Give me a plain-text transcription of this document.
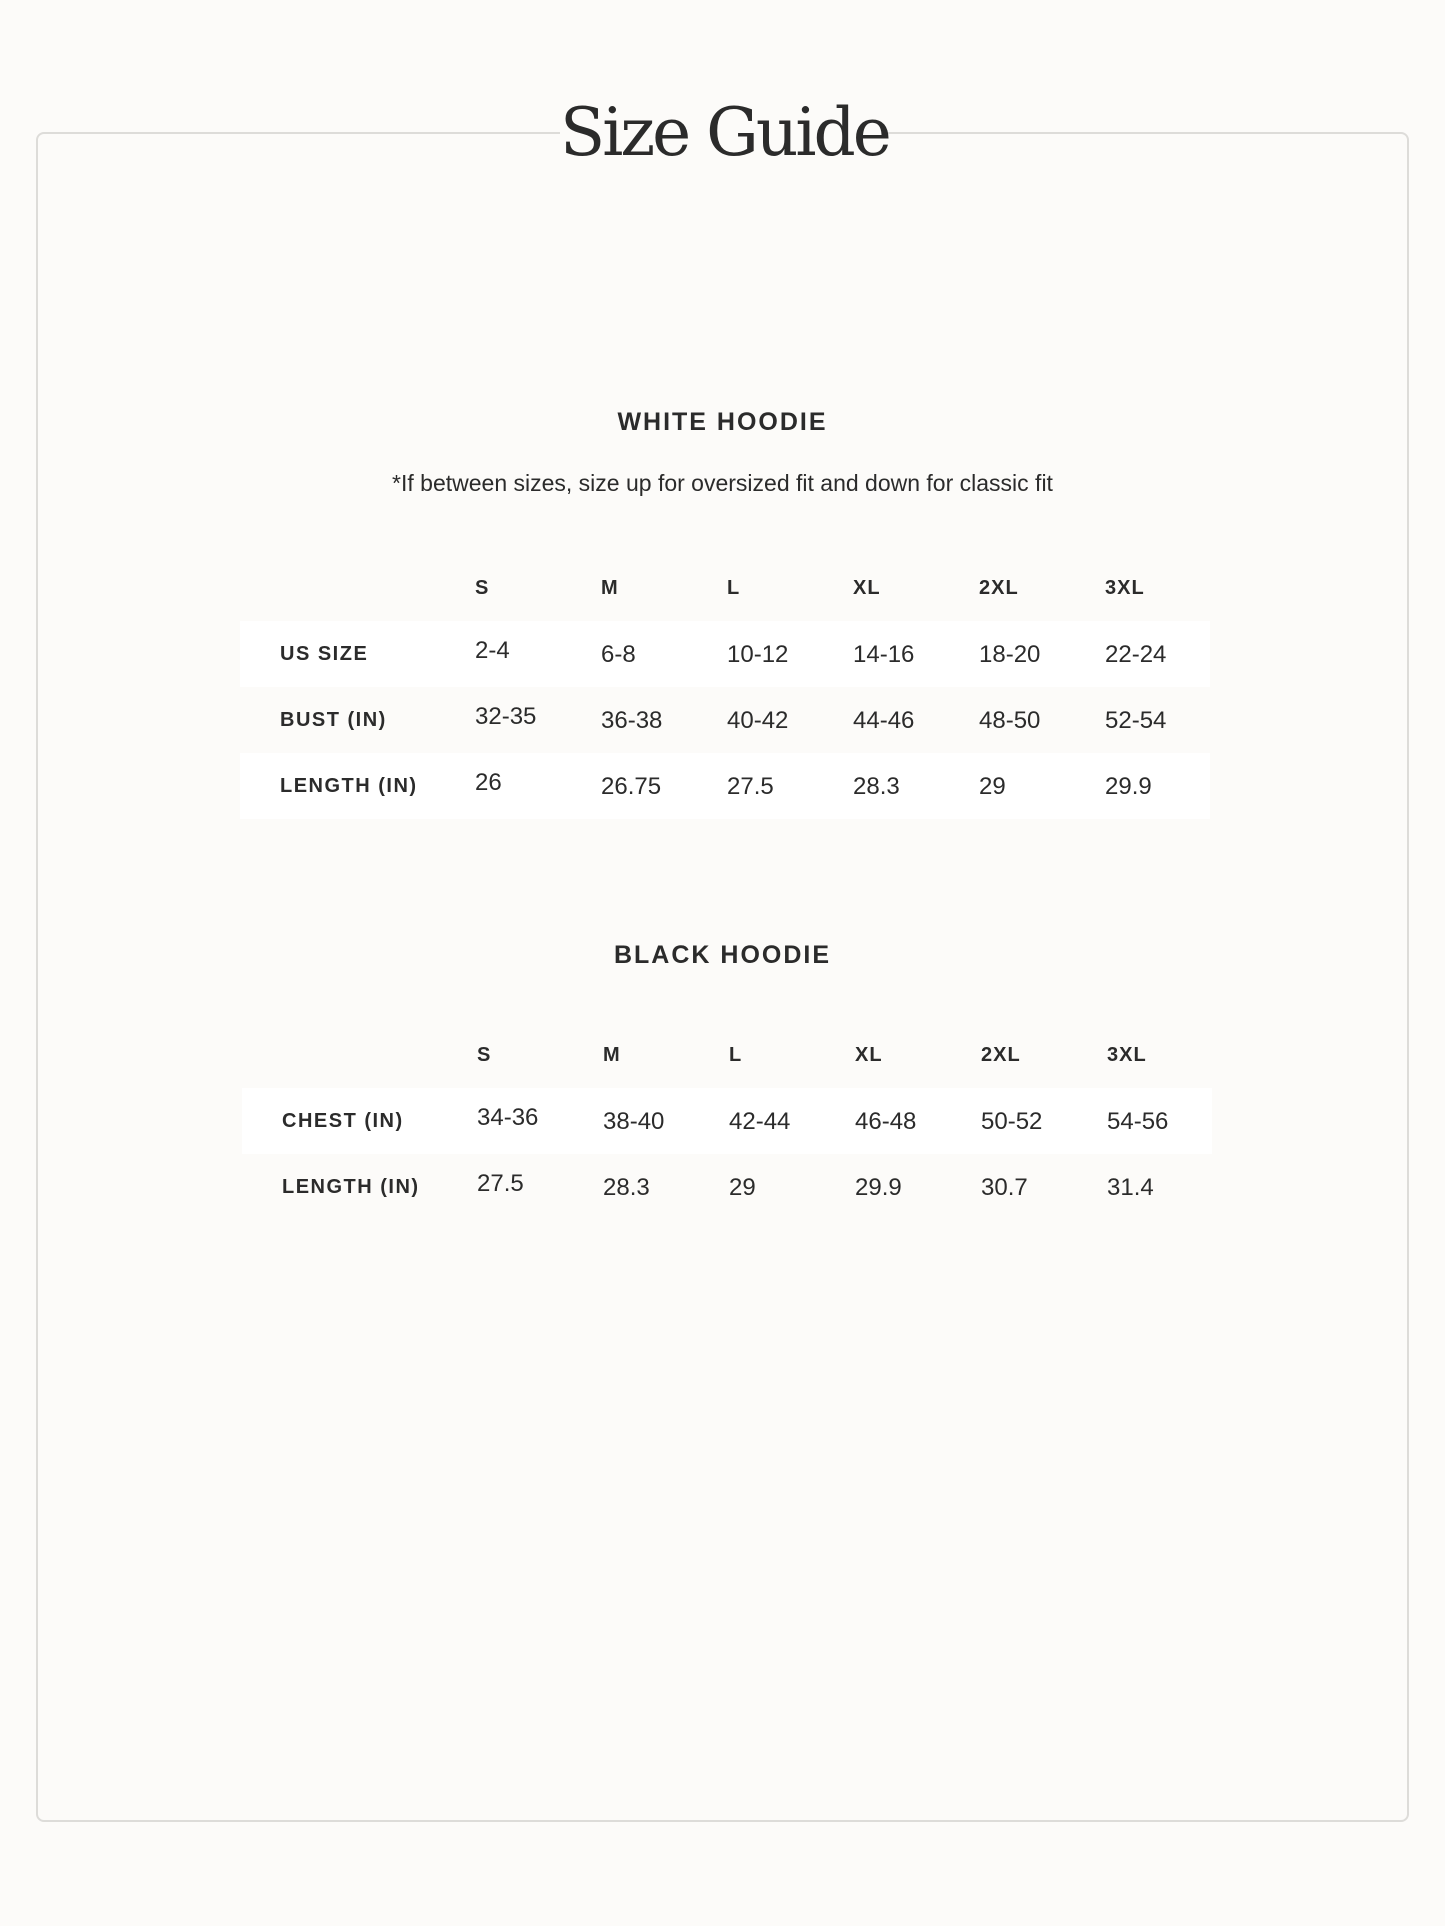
Size Guide
WHITE HOODIE
*If between sizes, size up for oversized fit and down for classic fit
S	M	L	XL	2XL	3XL
US SIZE	2-4	6-8	10-12	14-16	18-20	22-24
BUST (IN)	32-35	36-38	40-42	44-46	48-50	52-54
LENGTH (IN) 26	26.75	27.5	28.3	29	29.9
BLACK HOODIE
S	M	L	XL	2XL	3XL
CHEST (IN)	34-36	38-40	42-44	46-48	50-52	54-56
LENGTH (IN) 27.5	28.3	29	29.9	30.7	31.4
